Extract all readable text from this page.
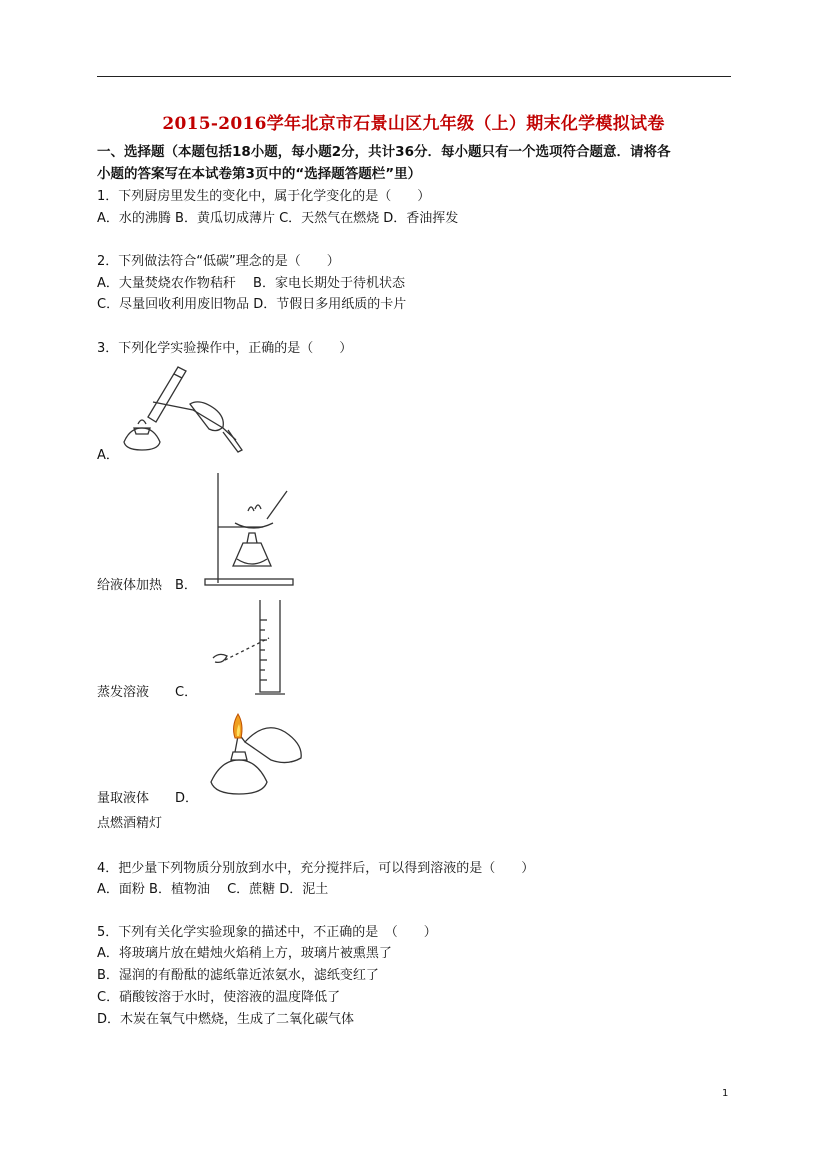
2015-2016学年北京市石景山区九年级（上）期末化学模拟试卷
一、选择题（本题包括18小题，每小题2分，共计36分．每小题只有一个选项符合题意．请将各
小题的答案写在本试卷第3页中的“选择题答题栏”里）
1．下列厨房里发生的变化中，属于化学变化的是（　　）
A．水的沸腾 B．黄瓜切成薄片 C．天然气在燃烧 D．香油挥发
2．下列做法符合“低碳”理念的是（　　）
A．大量焚烧农作物秸秆　 B．家电长期处于待机状态
C．尽量回收利用废旧物品 D．节假日多用纸质的卡片
3．下列化学实验操作中，正确的是（　　）
A．
给液体加热　B．
蒸发溶液　　C．
量取液体　　D．
点燃酒精灯
4．把少量下列物质分别放到水中，充分搅拌后，可以得到溶液的是（　　）
A．面粉 B．植物油　 C．蔗糖 D．泥土
5．下列有关化学实验现象的描述中，不正确的是　（　　）
A．将玻璃片放在蜡烛火焰稍上方，玻璃片被熏黑了
B．湿润的有酚酞的滤纸靠近浓氨水，滤纸变红了
C．硝酸铵溶于水时，使溶液的温度降低了
D．木炭在氧气中燃烧，生成了二氧化碳气体
1
